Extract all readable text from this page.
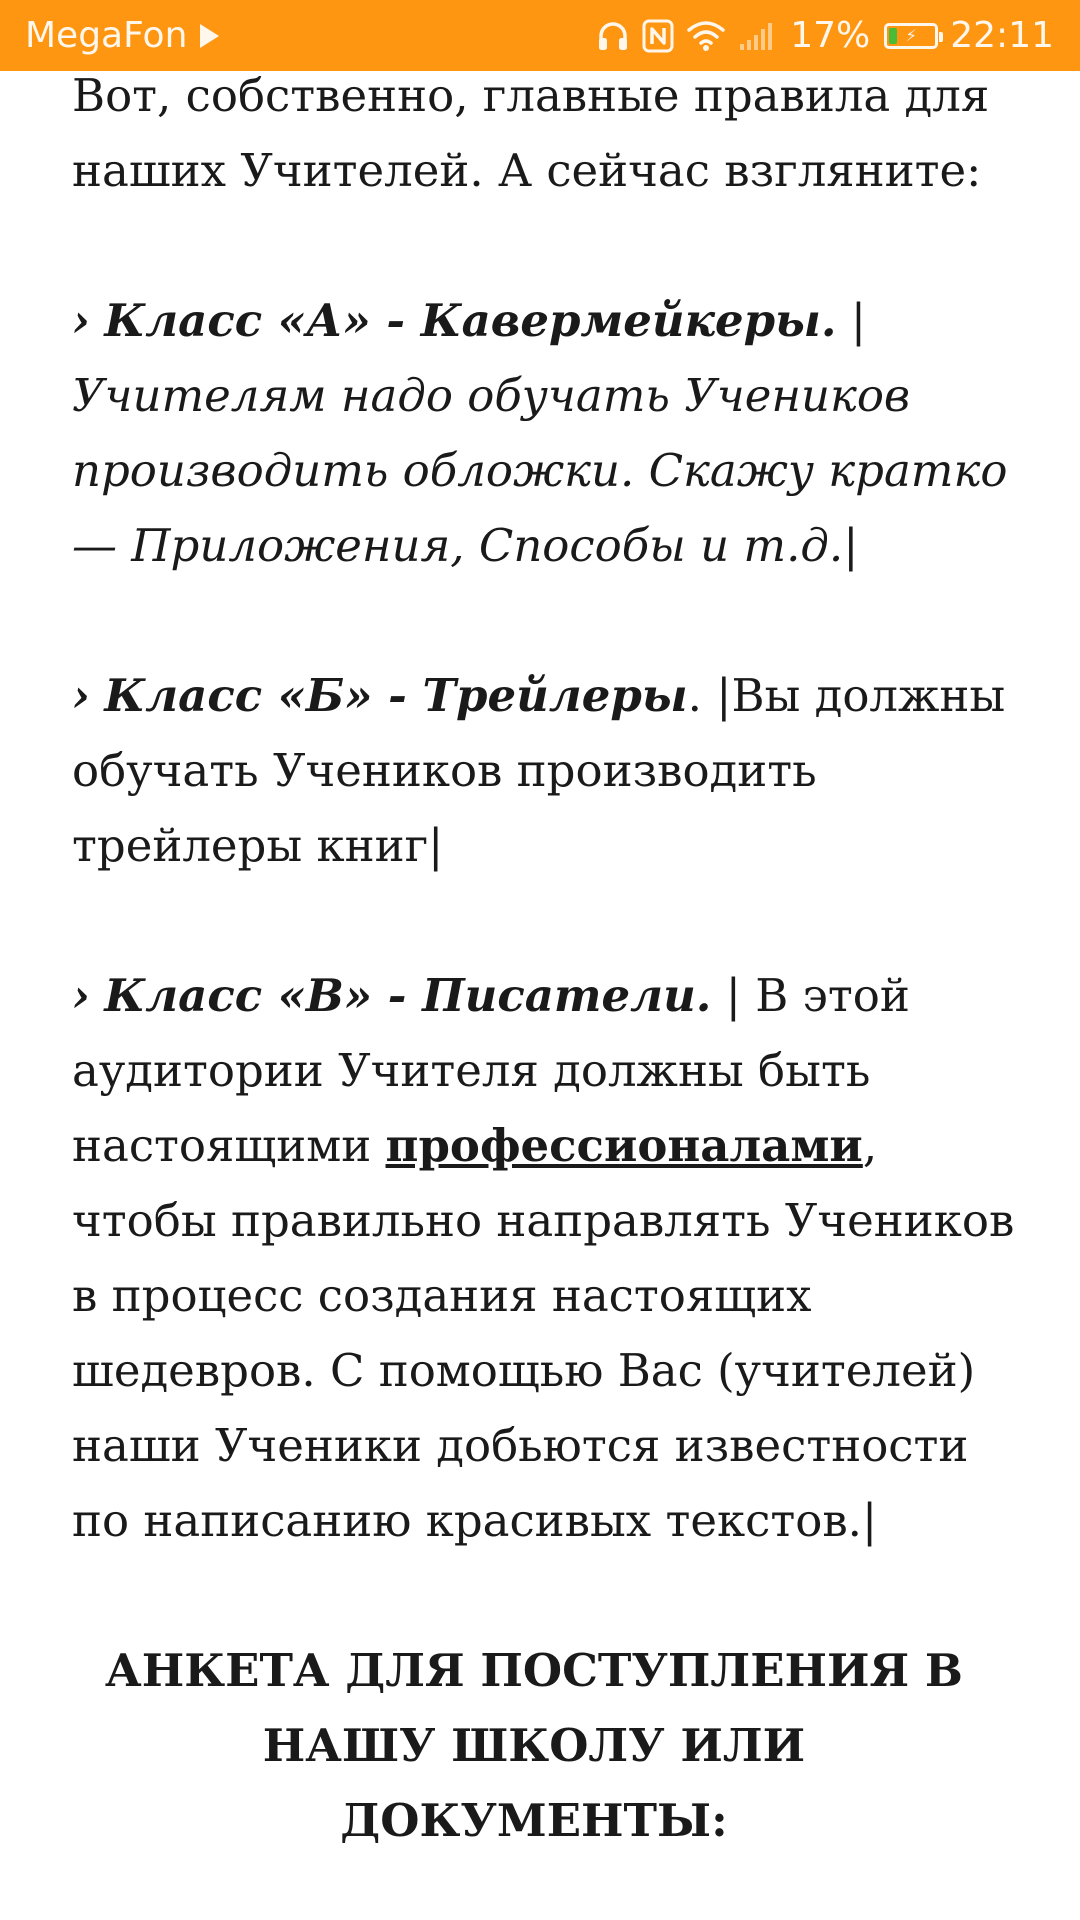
MegaFon	17% ⚡ 22:11

Вот, собственно, главные правила для наших Учителей. А сейчас взгляните:

› Класс «А» - Кавермейкеры. | Учителям надо обучать Учеников производить обложки. Скажу кратко — Приложения, Способы и т.д.|

› Класс «Б» - Трейлеры. |Вы должны обучать Учеников производить трейлеры книг|

› Класс «В» - Писатели. | В этой аудитории Учителя должны быть настоящими профессионалами, чтобы правильно направлять Учеников в процесс создания настоящих шедевров. С помощью Вас (учителей) наши Ученики добьются известности по написанию красивых текстов.|

АНКЕТА ДЛЯ ПОСТУПЛЕНИЯ В НАШУ ШКОЛУ ИЛИ ДОКУМЕНТЫ:
